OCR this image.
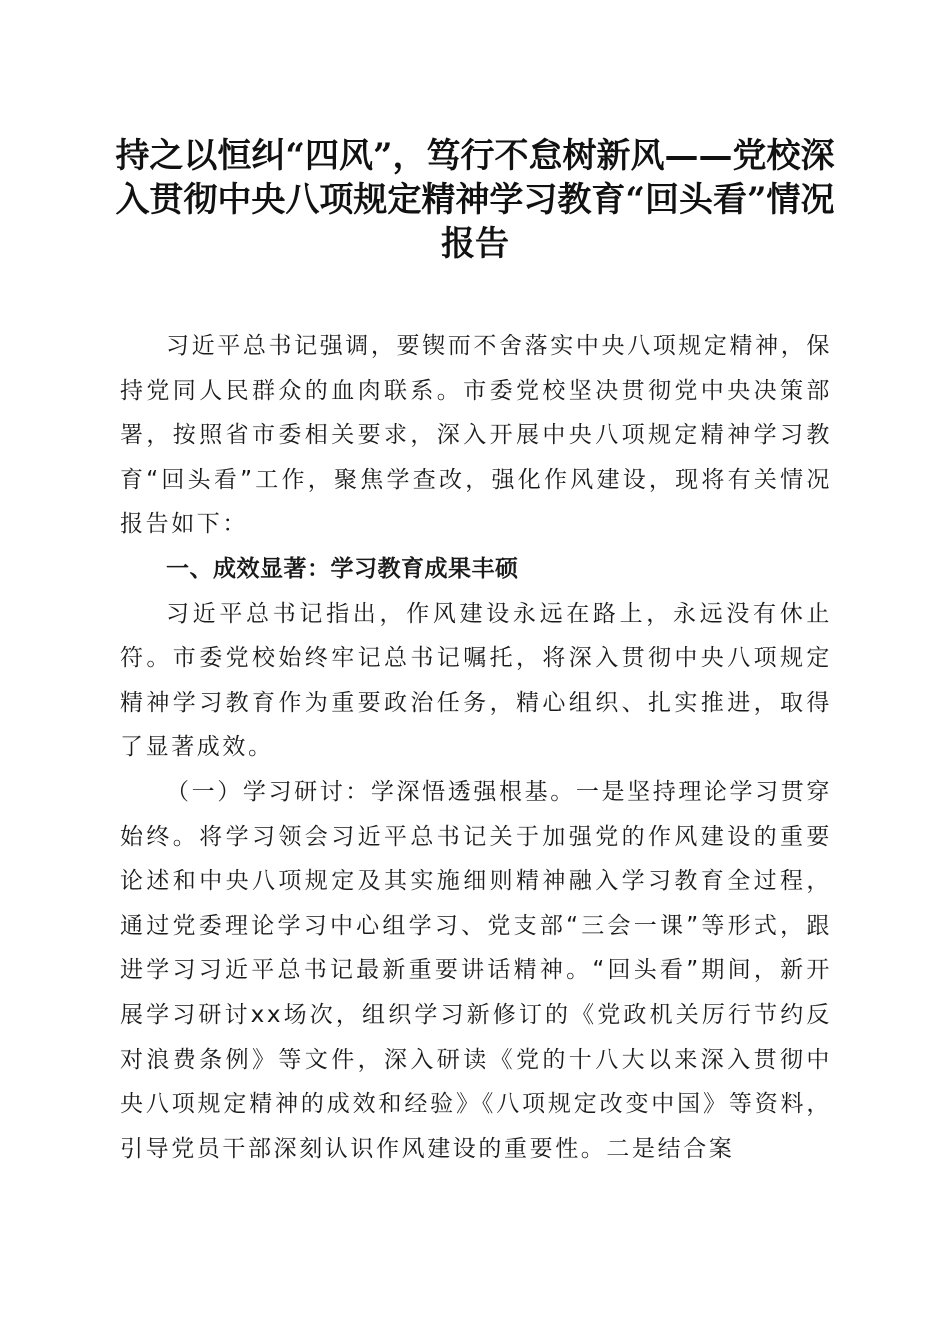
持之以恒纠“四风”，笃行不怠树新风——党校深入贯彻中央八项规定精神学习教育“回头看”情况报告

习近平总书记强调，要锲而不舍落实中央八项规定精神，保持党同人民群众的血肉联系。市委党校坚决贯彻党中央决策部署，按照省市委相关要求，深入开展中央八项规定精神学习教育“回头看”工作，聚焦学查改，强化作风建设，现将有关情况报告如下：

一、成效显著：学习教育成果丰硕

习近平总书记指出，作风建设永远在路上，永远没有休止符。市委党校始终牢记总书记嘱托，将深入贯彻中央八项规定精神学习教育作为重要政治任务，精心组织、扎实推进，取得了显著成效。

（一）学习研讨：学深悟透强根基。一是坚持理论学习贯穿始终。将学习领会习近平总书记关于加强党的作风建设的重要论述和中央八项规定及其实施细则精神融入学习教育全过程，通过党委理论学习中心组学习、党支部“三会一课”等形式，跟进学习习近平总书记最新重要讲话精神。“回头看”期间，新开展学习研讨xx场次，组织学习新修订的《党政机关厉行节约反对浪费条例》等文件，深入研读《党的十八大以来深入贯彻中央八项规定精神的成效和经验》《八项规定改变中国》等资料，引导党员干部深刻认识作风建设的重要性。二是结合案
